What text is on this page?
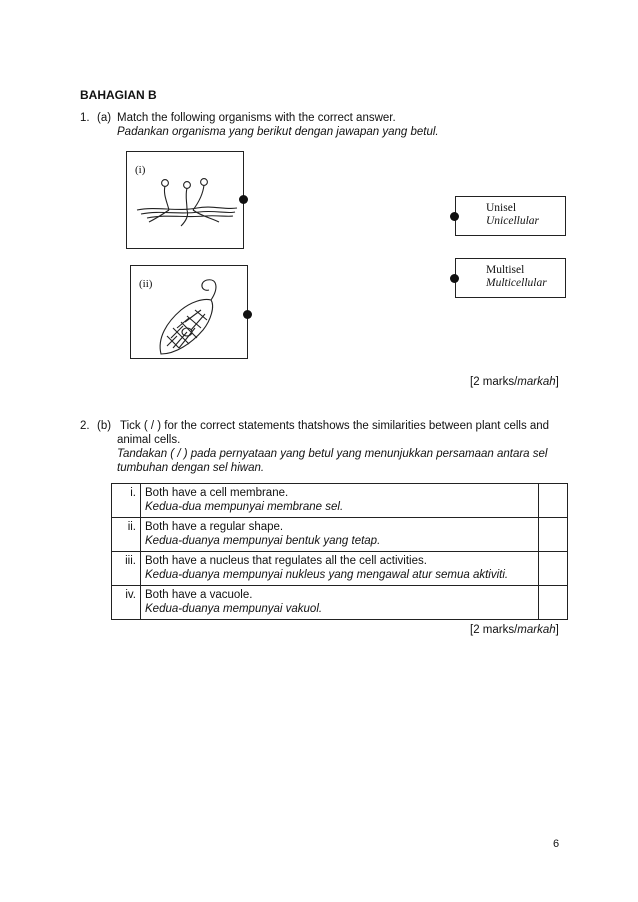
BAHAGIAN B
1. (a) Match the following organisms with the correct answer.
Padankan organisma yang berikut dengan jawapan yang betul.
(i)
(ii)
Unisel
Unicellular
Multisel
Multicellular
[2 marks/markah]
2. (b) Tick ( / ) for the correct statements thatshows the similarities between plant cells and
animal cells.
Tandakan ( / ) pada pernyataan yang betul yang menunjukkan persamaan antara sel
tumbuhan dengan sel hiwan.
i.	Both have a cell membrane.
Kedua-dua mempunyai membrane sel.	

ii.	Both have a regular shape.
Kedua-duanya mempunyai bentuk yang tetap.	

iii.	Both have a nucleus that regulates all the cell activities.
Kedua-duanya mempunyai nukleus yang mengawal atur semua aktiviti.	

iv.	Both have a vacuole.
Kedua-duanya mempunyai vakuol.	

[2 marks/markah]
6
